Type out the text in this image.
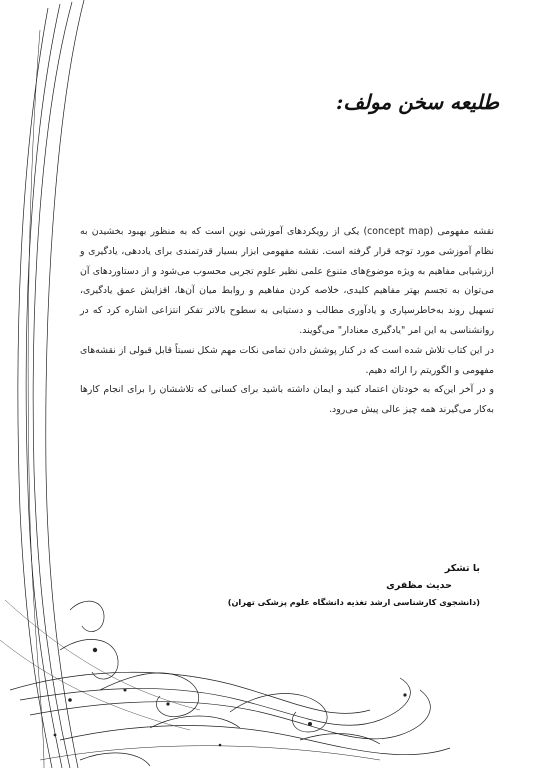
طلیعه سخن مولف:

نقشه مفهومی (concept map) یکی از رویکردهای آموزشی نوین است که به منظور بهبود بخشیدن به نظام آموزشی مورد توجه قرار گرفته است. نقشه مفهومی ابزار بسیار قدرتمندی برای یاددهی، یادگیری و ارزشیابی مفاهیم به ویژه موضوع‌های متنوع علمی نظیر علوم تجربی محسوب می‌شود و از دستاوردهای آن می‌توان به تجسم بهتر مفاهیم کلیدی، خلاصه کردن مفاهیم و روابط میان آن‌ها، افزایش عمق یادگیری، تسهیل روند به‌خاطرسپاری و یادآوری مطالب و دستیابی به سطوح بالاتر تفکر انتزاعی اشاره کرد که در روانشناسی به این امر "یادگیری معنادار" می‌گویند.

در این کتاب تلاش شده است که در کنار پوشش دادن تمامی نکات مهم شکل نسبتاً قابل قبولی از نقشه‌های مفهومی و الگوریتم را ارائه دهیم.

و در آخر این‌که به خودتان اعتماد کنید و ایمان داشته باشید برای کسانی که تلاششان را برای انجام کارها به‌کار می‌گیرند همه چیز عالی پیش می‌رود.

با تشکر
حدیث مظفری
(دانشجوی کارشناسی ارشد تغذیه دانشگاه علوم پزشکی تهران)
